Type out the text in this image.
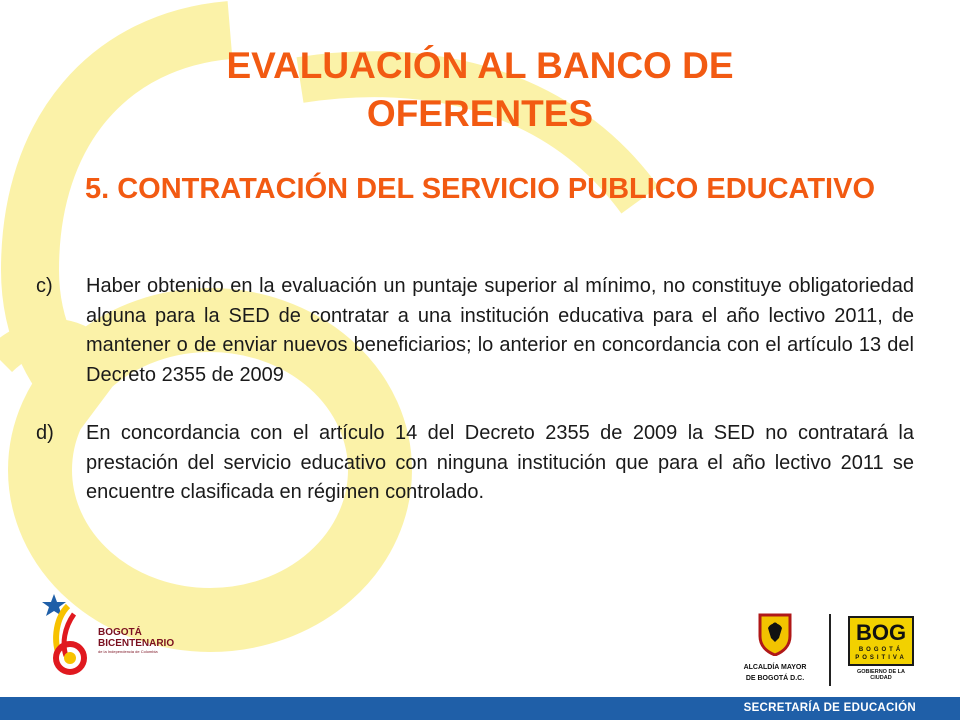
EVALUACIÓN AL BANCO DE OFERENTES
5. CONTRATACIÓN DEL SERVICIO PUBLICO EDUCATIVO
c)	Haber obtenido en la evaluación un puntaje superior al mínimo, no constituye obligatoriedad alguna para la SED de contratar a una institución educativa para el año lectivo 2011, de mantener o de enviar nuevos beneficiarios; lo anterior en concordancia con el artículo 13 del Decreto 2355 de 2009
d)	En concordancia con el artículo 14 del Decreto 2355 de 2009 la SED no contratará la prestación del servicio educativo con ninguna institución que para el año lectivo 2011 se encuentre clasificada en régimen controlado.
BOGOTÁ
BICENTENARIO
de la Independencia de Colombia
ALCALDÍA MAYOR
DE BOGOTÁ D.C.
BOG
BOGOTÁ
POSITIVA
GOBIERNO DE LA CIUDAD
SECRETARÍA DE EDUCACIÓN
